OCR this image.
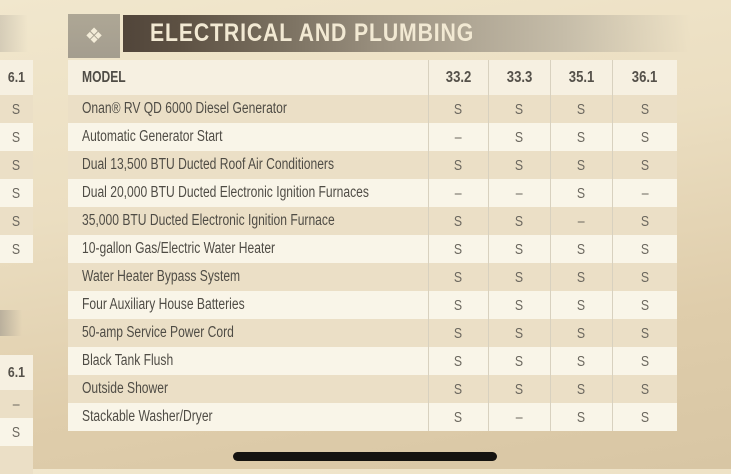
6.1
S
S
S
S
S
S
6.1
–
S
❖ ELECTRICAL AND PLUMBING
MODEL	33.2 33.3 35.1 36.1
Onan® RV QD 6000 Diesel Generator	S	S	S	S
Automatic Generator Start	–	S	S	S
Dual 13,500 BTU Ducted Roof Air Conditioners	S	S	S	S
Dual 20,000 BTU Ducted Electronic Ignition Furnaces	–	–	S	–
35,000 BTU Ducted Electronic Ignition Furnace	S	S	–	S
10-gallon Gas/Electric Water Heater	S	S	S	S
Water Heater Bypass System	S	S	S	S
Four Auxiliary House Batteries	S	S	S	S
50-amp Service Power Cord	S	S	S	S
Black Tank Flush	S	S	S	S
Outside Shower	S	S	S	S
Stackable Washer/Dryer	S	–	S	S
